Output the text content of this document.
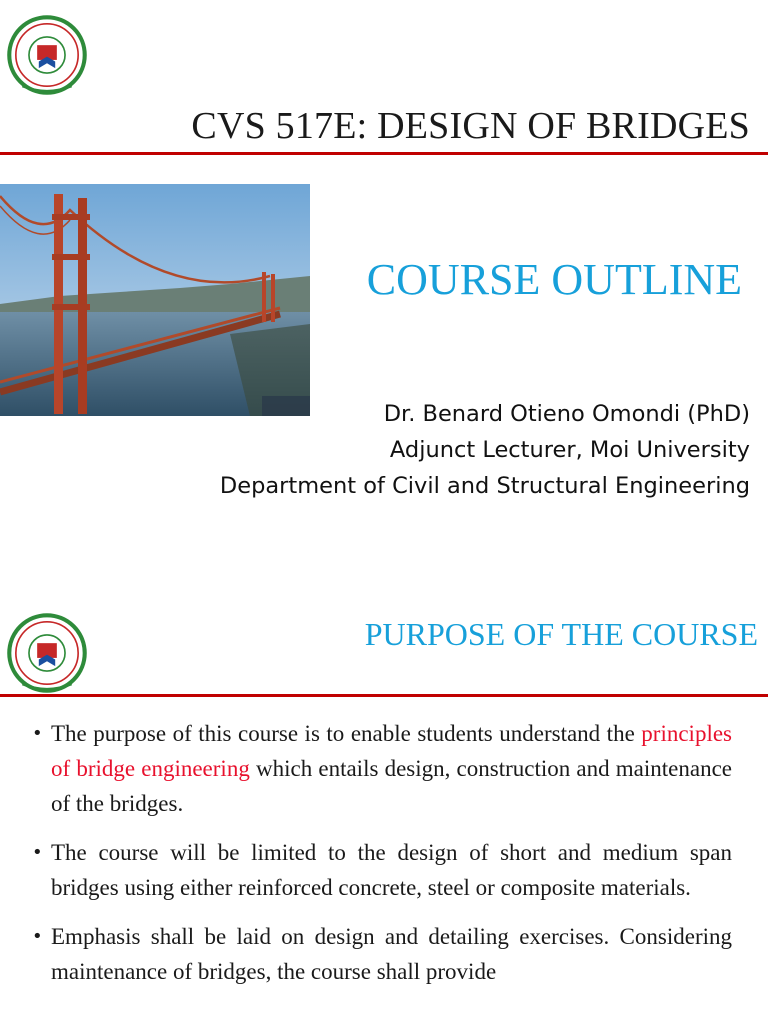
CVS 517E: DESIGN OF BRIDGES
COURSE OUTLINE
Dr. Benard Otieno Omondi (PhD)
Adjunct Lecturer, Moi University
Department of Civil and Structural Engineering
PURPOSE OF THE COURSE
• The purpose of this course is to enable students understand the principles of bridge engineering which entails design, construction and maintenance of the bridges.
• The course will be limited to the design of short and medium span bridges using either reinforced concrete, steel or composite materials.
• Emphasis shall be laid on design and detailing exercises. Considering maintenance of bridges, the course shall provide
